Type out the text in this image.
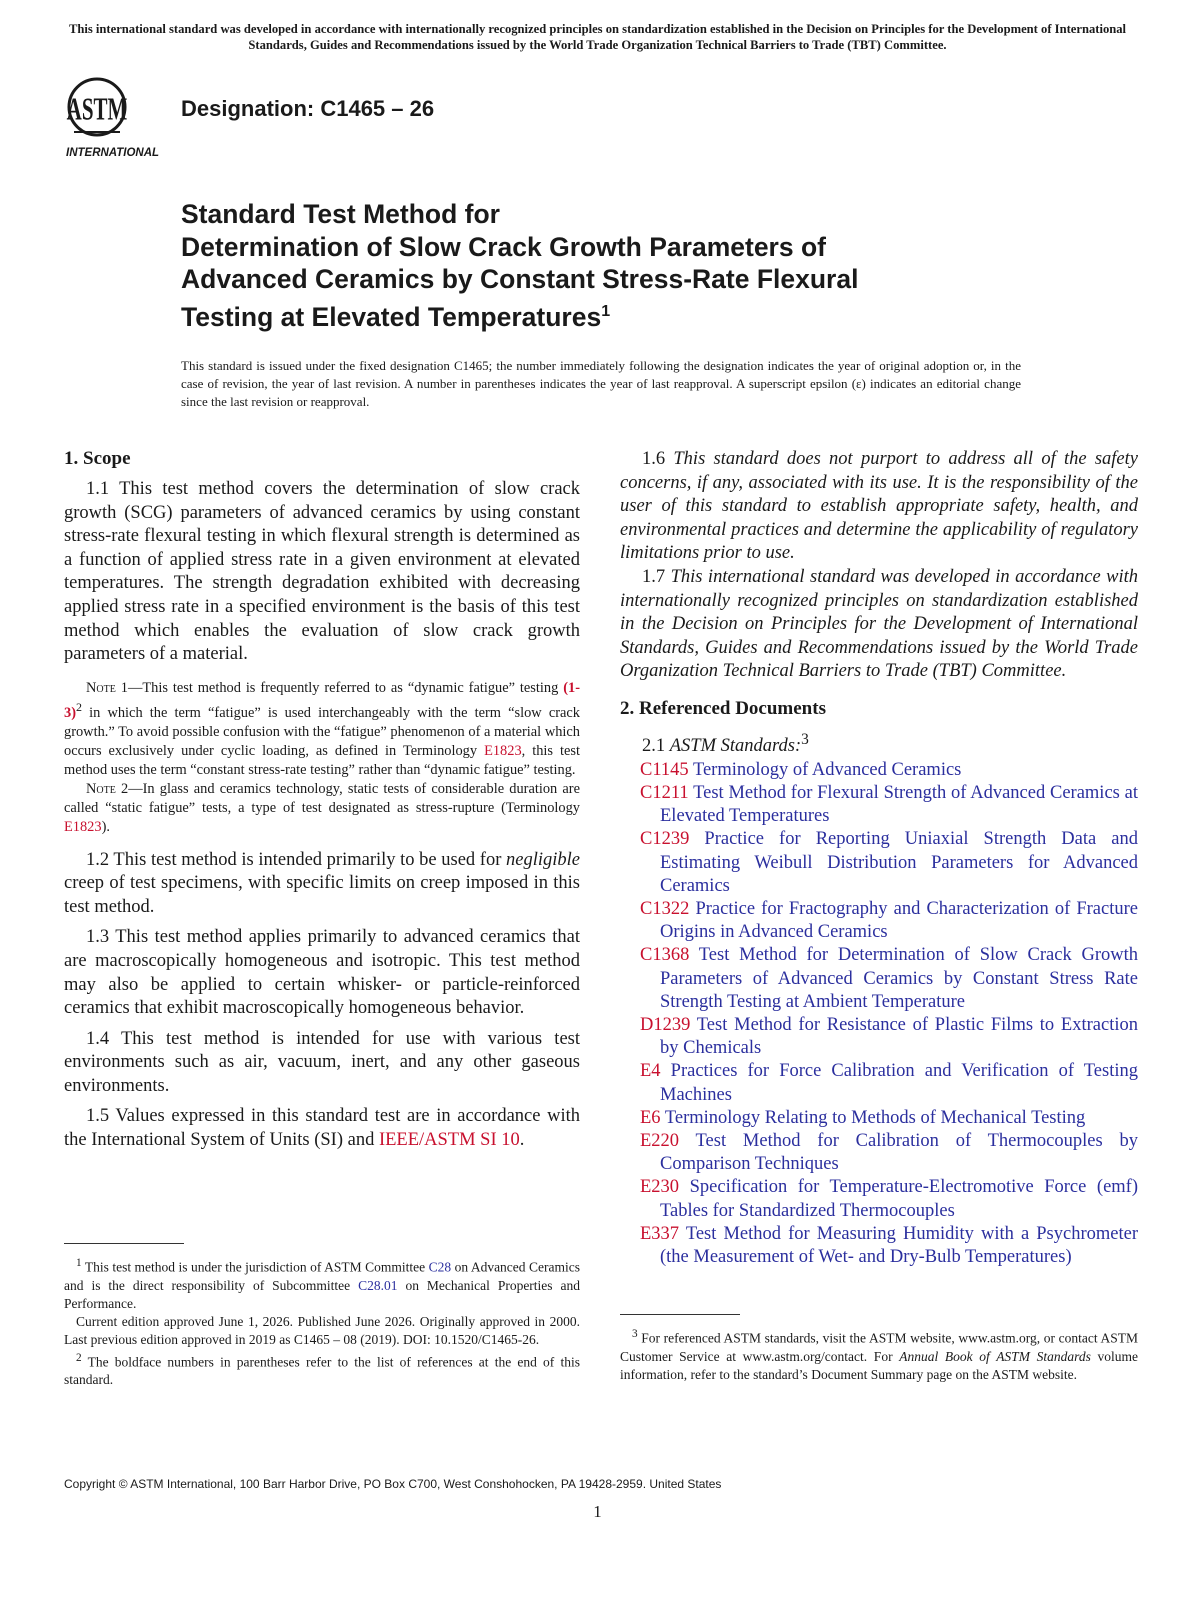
This international standard was developed in accordance with internationally recognized principles on standardization established in the Decision on Principles for the Development of International Standards, Guides and Recommendations issued by the World Trade Organization Technical Barriers to Trade (TBT) Committee.
ASTM
INTERNATIONAL
Designation: C1465 – 26
Standard Test Method for
Determination of Slow Crack Growth Parameters of
Advanced Ceramics by Constant Stress-Rate Flexural
Testing at Elevated Temperatures$^1$
This standard is issued under the fixed designation C1465; the number immediately following the designation indicates the year of original adoption or, in the case of revision, the year of last revision. A number in parentheses indicates the year of last reapproval. A superscript epsilon (ε) indicates an editorial change since the last revision or reapproval.
1. Scope

1.1 This test method covers the determination of slow crack growth (SCG) parameters of advanced ceramics by using constant stress-rate flexural testing in which flexural strength is determined as a function of applied stress rate in a given environment at elevated temperatures. The strength degradation exhibited with decreasing applied stress rate in a specified environment is the basis of this test method which enables the evaluation of slow crack growth parameters of a material.

Note 1—This test method is frequently referred to as “dynamic fatigue” testing $(1-3)^2$ in which the term “fatigue” is used interchangeably with the term “slow crack growth.” To avoid possible confusion with the “fatigue” phenomenon of a material which occurs exclusively under cyclic loading, as defined in Terminology E1823, this test method uses the term “constant stress-rate testing” rather than “dynamic fatigue” testing.

Note 2—In glass and ceramics technology, static tests of considerable duration are called “static fatigue” tests, a type of test designated as stress-rupture (Terminology E1823).

1.2 This test method is intended primarily to be used for negligible creep of test specimens, with specific limits on creep imposed in this test method.

1.3 This test method applies primarily to advanced ceramics that are macroscopically homogeneous and isotropic. This test method may also be applied to certain whisker- or particle-reinforced ceramics that exhibit macroscopically homogeneous behavior.

1.4 This test method is intended for use with various test environments such as air, vacuum, inert, and any other gaseous environments.

1.5 Values expressed in this standard test are in accordance with the International System of Units (SI) and IEEE/ASTM SI 10.

$^1$ This test method is under the jurisdiction of ASTM Committee C28 on Advanced Ceramics and is the direct responsibility of Subcommittee C28.01 on Mechanical Properties and Performance.

Current edition approved June 1, 2026. Published June 2026. Originally approved in 2000. Last previous edition approved in 2019 as C1465 – 08 (2019). DOI: 10.1520/C1465-26.

$^2$ The boldface numbers in parentheses refer to the list of references at the end of this standard.

1.6 This standard does not purport to address all of the safety concerns, if any, associated with its use. It is the responsibility of the user of this standard to establish appropriate safety, health, and environmental practices and determine the applicability of regulatory limitations prior to use.

1.7 This international standard was developed in accordance with internationally recognized principles on standardization established in the Decision on Principles for the Development of International Standards, Guides and Recommendations issued by the World Trade Organization Technical Barriers to Trade (TBT) Committee.

2. Referenced Documents

2.1 ASTM Standards:$^3$

C1145 Terminology of Advanced Ceramics
C1211 Test Method for Flexural Strength of Advanced Ceramics at Elevated Temperatures
C1239 Practice for Reporting Uniaxial Strength Data and Estimating Weibull Distribution Parameters for Advanced Ceramics
C1322 Practice for Fractography and Characterization of Fracture Origins in Advanced Ceramics
C1368 Test Method for Determination of Slow Crack Growth Parameters of Advanced Ceramics by Constant Stress Rate Strength Testing at Ambient Temperature
D1239 Test Method for Resistance of Plastic Films to Extraction by Chemicals
E4 Practices for Force Calibration and Verification of Testing Machines
E6 Terminology Relating to Methods of Mechanical Testing
E220 Test Method for Calibration of Thermocouples by Comparison Techniques
E230 Specification for Temperature-Electromotive Force (emf) Tables for Standardized Thermocouples
E337 Test Method for Measuring Humidity with a Psychrometer (the Measurement of Wet- and Dry-Bulb Temperatures)

$^3$ For referenced ASTM standards, visit the ASTM website, www.astm.org, or contact ASTM Customer Service at www.astm.org/contact. For Annual Book of ASTM Standards volume information, refer to the standard’s Document Summary page on the ASTM website.

Copyright © ASTM International, 100 Barr Harbor Drive, PO Box C700, West Conshohocken, PA 19428-2959. United States
1
